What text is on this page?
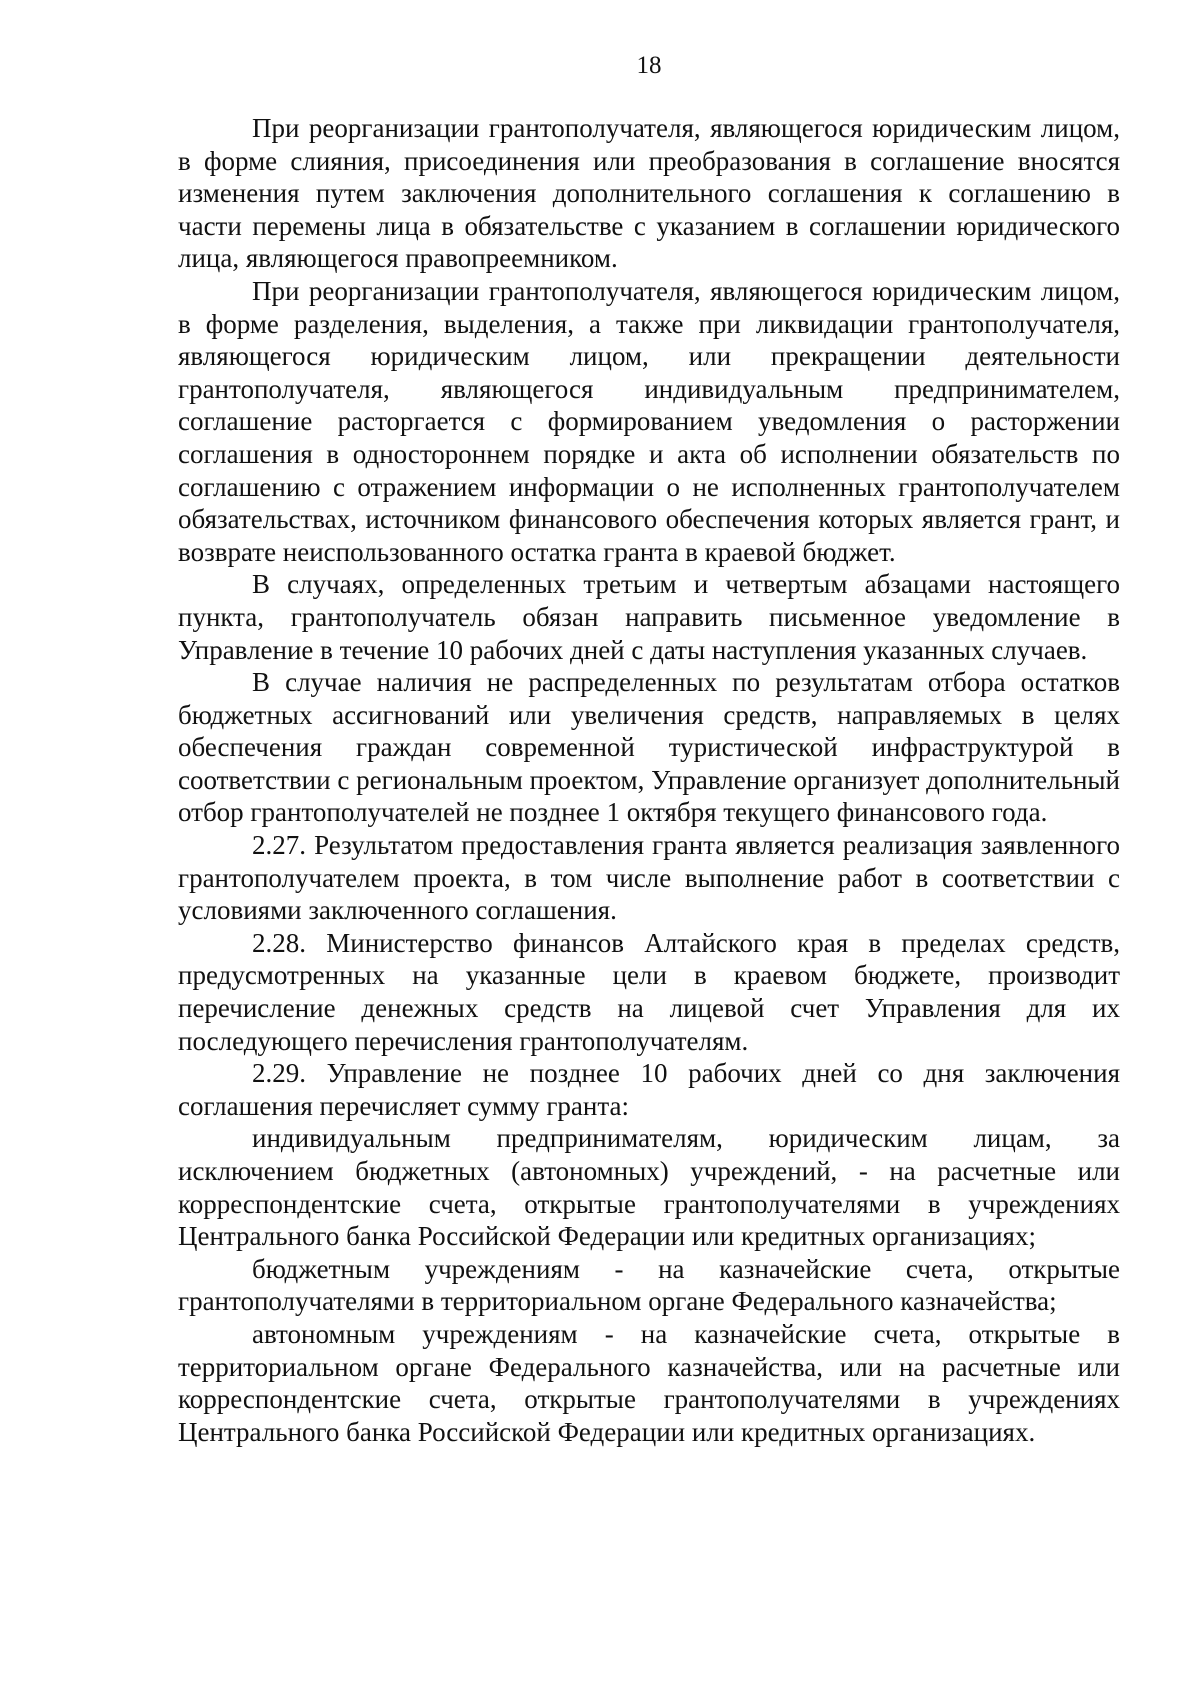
18

При реорганизации грантополучателя, являющегося юридическим лицом, в форме слияния, присоединения или преобразования в соглашение вносятся изменения путем заключения дополнительного соглашения к соглашению в части перемены лица в обязательстве с указанием в соглашении юридического лица, являющегося правопреемником.

При реорганизации грантополучателя, являющегося юридическим лицом, в форме разделения, выделения, а также при ликвидации грантополучателя, являющегося юридическим лицом, или прекращении деятельности грантополучателя, являющегося индивидуальным предпринимателем, соглашение расторгается с формированием уведомления о расторжении соглашения в одностороннем порядке и акта об исполнении обязательств по соглашению с отражением информации о не исполненных грантополучателем обязательствах, источником финансового обеспечения которых является грант, и возврате неиспользованного остатка гранта в краевой бюджет.

В случаях, определенных третьим и четвертым абзацами настоящего пункта, грантополучатель обязан направить письменное уведомление в Управление в течение 10 рабочих дней с даты наступления указанных случаев.

В случае наличия не распределенных по результатам отбора остатков бюджетных ассигнований или увеличения средств, направляемых в целях обеспечения граждан современной туристической инфраструктурой в соответствии с региональным проектом, Управление организует дополнительный отбор грантополучателей не позднее 1 октября текущего финансового года.

2.27. Результатом предоставления гранта является реализация заявленного грантополучателем проекта, в том числе выполнение работ в соответствии с условиями заключенного соглашения.

2.28. Министерство финансов Алтайского края в пределах средств, предусмотренных на указанные цели в краевом бюджете, производит перечисление денежных средств на лицевой счет Управления для их последующего перечисления грантополучателям.

2.29. Управление не позднее 10 рабочих дней со дня заключения соглашения перечисляет сумму гранта:

индивидуальным предпринимателям, юридическим лицам, за исключением бюджетных (автономных) учреждений, - на расчетные или корреспондентские счета, открытые грантополучателями в учреждениях Центрального банка Российской Федерации или кредитных организациях;

бюджетным учреждениям - на казначейские счета, открытые грантополучателями в территориальном органе Федерального казначейства;

автономным учреждениям - на казначейские счета, открытые в территориальном органе Федерального казначейства, или на расчетные или корреспондентские счета, открытые грантополучателями в учреждениях Центрального банка Российской Федерации или кредитных организациях.
